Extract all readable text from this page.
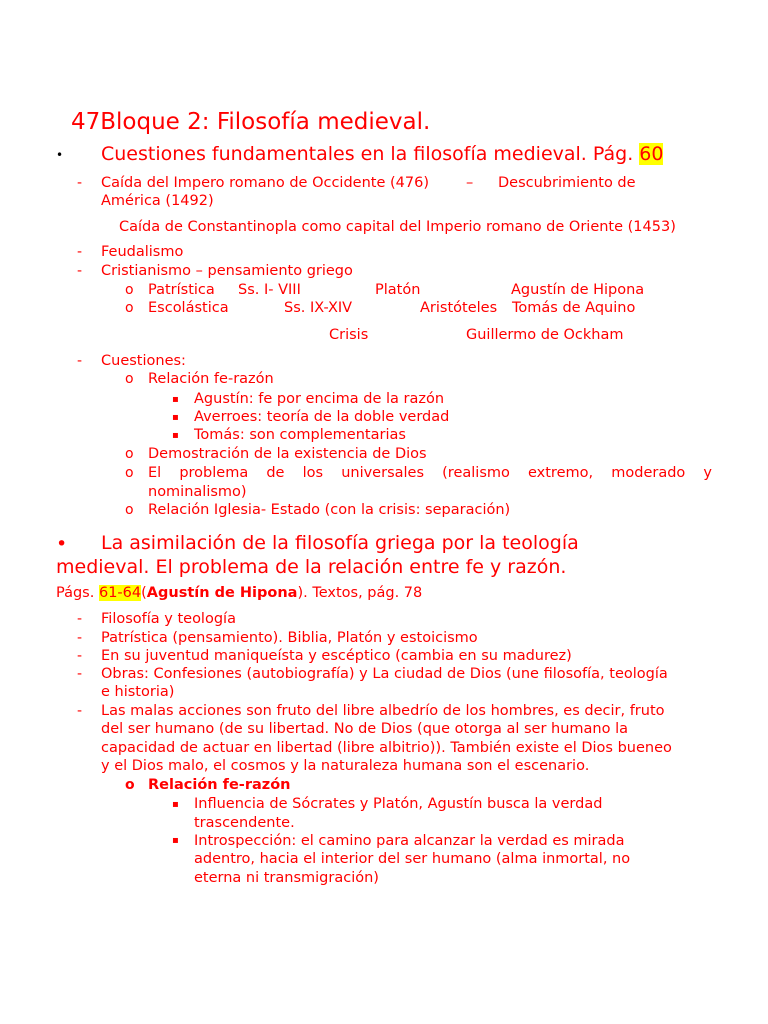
47Bloque 2: Filosofía medieval.
• Cuestiones fundamentales en la filosofía medieval. Pág. 60
- Caída del Impero romano de Occidente (476)	– Descubrimiento de
América (1492)
Caída de Constantinopla como capital del Imperio romano de Oriente (1453)
- Feudalismo
- Cristianismo – pensamiento griego
o Patrística Ss. I- VIII	Platón	Agustín de Hipona
o Escolástica	Ss. IX-XIV	Aristóteles Tomás de Aquino
Crisis	Guillermo de Ockham
- Cuestiones:
o Relación fe-razón
▪ Agustín: fe por encima de la razón
▪ Averroes: teoría de la doble verdad
▪ Tomás: son complementarias
o Demostración de la existencia de Dios
o El problema de los universales (realismo extremo, moderado y
nominalismo)
o Relación Iglesia- Estado (con la crisis: separación)
• La asimilación de la filosofía griega por la teología
medieval. El problema de la relación entre fe y razón.
Págs. 61-64(Agustín de Hipona). Textos, pág. 78
- Filosofía y teología
- Patrística (pensamiento). Biblia, Platón y estoicismo
- En su juventud maniqueísta y escéptico (cambia en su madurez)
- Obras: Confesiones (autobiografía) y La ciudad de Dios (une filosofía, teología
e historia)
- Las malas acciones son fruto del libre albedrío de los hombres, es decir, fruto
del ser humano (de su libertad. No de Dios (que otorga al ser humano la
capacidad de actuar en libertad (libre albitrio)). También existe el Dios bueneo
y el Dios malo, el cosmos y la naturaleza humana son el escenario.
o Relación fe-razón
▪ Influencia de Sócrates y Platón, Agustín busca la verdad
trascendente.
▪ Introspección: el camino para alcanzar la verdad es mirada
adentro, hacia el interior del ser humano (alma inmortal, no
eterna ni transmigración)
